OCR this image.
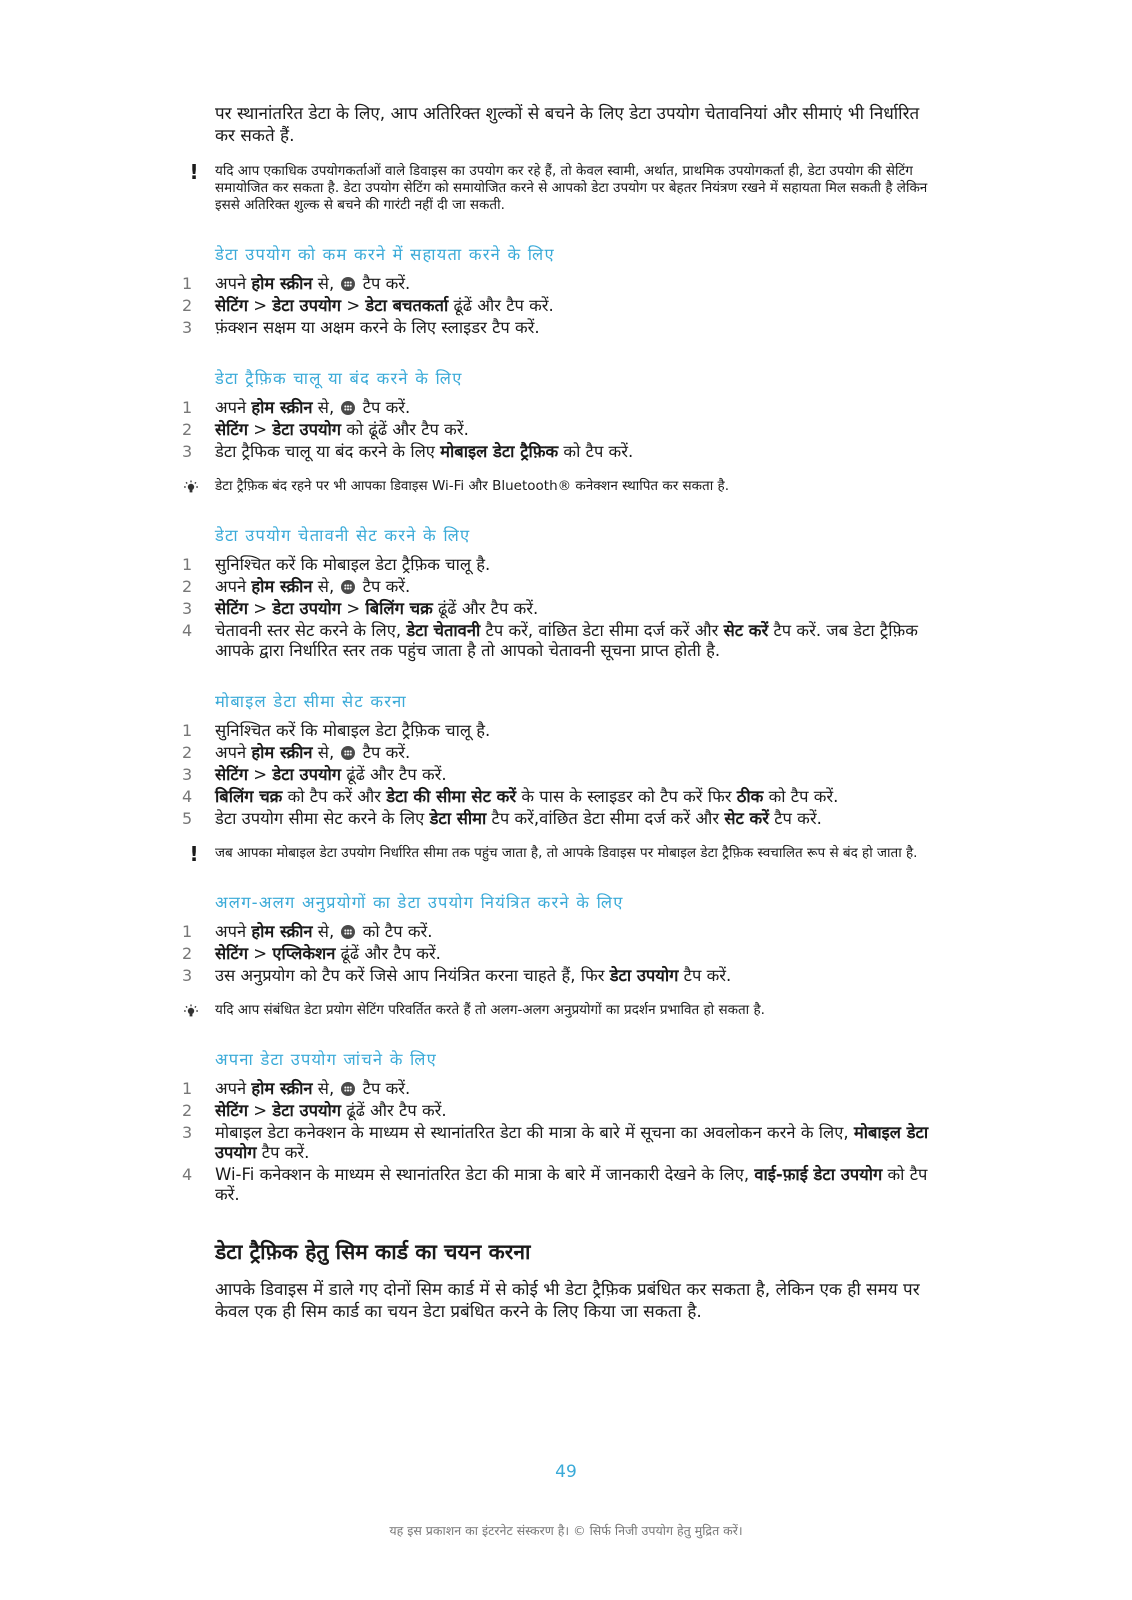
पर स्थानांतरित डेटा के लिए, आप अतिरिक्त शुल्कों से बचने के लिए डेटा उपयोग चेतावनियां और सीमाएं भी निर्धारित कर सकते हैं.

! यदि आप एकाधिक उपयोगकर्ताओं वाले डिवाइस का उपयोग कर रहे हैं, तो केवल स्वामी, अर्थात, प्राथमिक उपयोगकर्ता ही, डेटा उपयोग की सेटिंग समायोजित कर सकता है. डेटा उपयोग सेटिंग को समायोजित करने से आपको डेटा उपयोग पर बेहतर नियंत्रण रखने में सहायता मिल सकती है लेकिन इससे अतिरिक्त शुल्क से बचने की गारंटी नहीं दी जा सकती.
डेटा उपयोग को कम करने में सहायता करने के लिए
1 अपने होम स्क्रीन से,  टैप करें.
2 सेटिंग > डेटा उपयोग > डेटा बचतकर्ता ढूंढें और टैप करें.
3 फ़ंक्शन सक्षम या अक्षम करने के लिए स्लाइडर टैप करें.
डेटा ट्रैफ़िक चालू या बंद करने के लिए
1 अपने होम स्क्रीन से,  टैप करें.
2 सेटिंग > डेटा उपयोग को ढूंढें और टैप करें.
3 डेटा ट्रैफिक चालू या बंद करने के लिए मोबाइल डेटा ट्रैफ़िक को टैप करें.
डेटा ट्रैफ़िक बंद रहने पर भी आपका डिवाइस Wi-Fi और Bluetooth® कनेक्शन स्थापित कर सकता है.
डेटा उपयोग चेतावनी सेट करने के लिए
1 सुनिश्चित करें कि मोबाइल डेटा ट्रैफ़िक चालू है.
2 अपने होम स्क्रीन से,  टैप करें.
3 सेटिंग > डेटा उपयोग > बिलिंग चक्र ढूंढें और टैप करें.
4 चेतावनी स्तर सेट करने के लिए, डेटा चेतावनी टैप करें, वांछित डेटा सीमा दर्ज करें और सेट करें टैप करें. जब डेटा ट्रैफ़िक आपके द्वारा निर्धारित स्तर तक पहुंच जाता है तो आपको चेतावनी सूचना प्राप्त होती है.
मोबाइल डेटा सीमा सेट करना
1 सुनिश्चित करें कि मोबाइल डेटा ट्रैफ़िक चालू है.
2 अपने होम स्क्रीन से,  टैप करें.
3 सेटिंग > डेटा उपयोग ढूंढें और टैप करें.
4 बिलिंग चक्र को टैप करें और डेटा की सीमा सेट करें के पास के स्लाइडर को टैप करें फिर ठीक को टैप करें.
5 डेटा उपयोग सीमा सेट करने के लिए डेटा सीमा टैप करें,वांछित डेटा सीमा दर्ज करें और सेट करें टैप करें.
! जब आपका मोबाइल डेटा उपयोग निर्धारित सीमा तक पहुंच जाता है, तो आपके डिवाइस पर मोबाइल डेटा ट्रैफ़िक स्वचालित रूप से बंद हो जाता है.
अलग-अलग अनुप्रयोगों का डेटा उपयोग नियंत्रित करने के लिए
1 अपने होम स्क्रीन से,  को टैप करें.
2 सेटिंग > एप्लिकेशन ढूंढें और टैप करें.
3 उस अनुप्रयोग को टैप करें जिसे आप नियंत्रित करना चाहते हैं, फिर डेटा उपयोग टैप करें.
यदि आप संबंधित डेटा प्रयोग सेटिंग परिवर्तित करते हैं तो अलग-अलग अनुप्रयोगों का प्रदर्शन प्रभावित हो सकता है.
अपना डेटा उपयोग जांचने के लिए
1 अपने होम स्क्रीन से,  टैप करें.
2 सेटिंग > डेटा उपयोग ढूंढें और टैप करें.
3 मोबाइल डेटा कनेक्शन के माध्यम से स्थानांतरित डेटा की मात्रा के बारे में सूचना का अवलोकन करने के लिए, मोबाइल डेटा उपयोग टैप करें.
4 Wi-Fi कनेक्शन के माध्यम से स्थानांतरित डेटा की मात्रा के बारे में जानकारी देखने के लिए, वाई-फ़ाई डेटा उपयोग को टैप करें.
डेटा ट्रैफ़िक हेतु सिम कार्ड का चयन करना

आपके डिवाइस में डाले गए दोनों सिम कार्ड में से कोई भी डेटा ट्रैफ़िक प्रबंधित कर सकता है, लेकिन एक ही समय पर केवल एक ही सिम कार्ड का चयन डेटा प्रबंधित करने के लिए किया जा सकता है.

49
यह इस प्रकाशन का इंटरनेट संस्करण है। © सिर्फ निजी उपयोग हेतु मुद्रित करें।
